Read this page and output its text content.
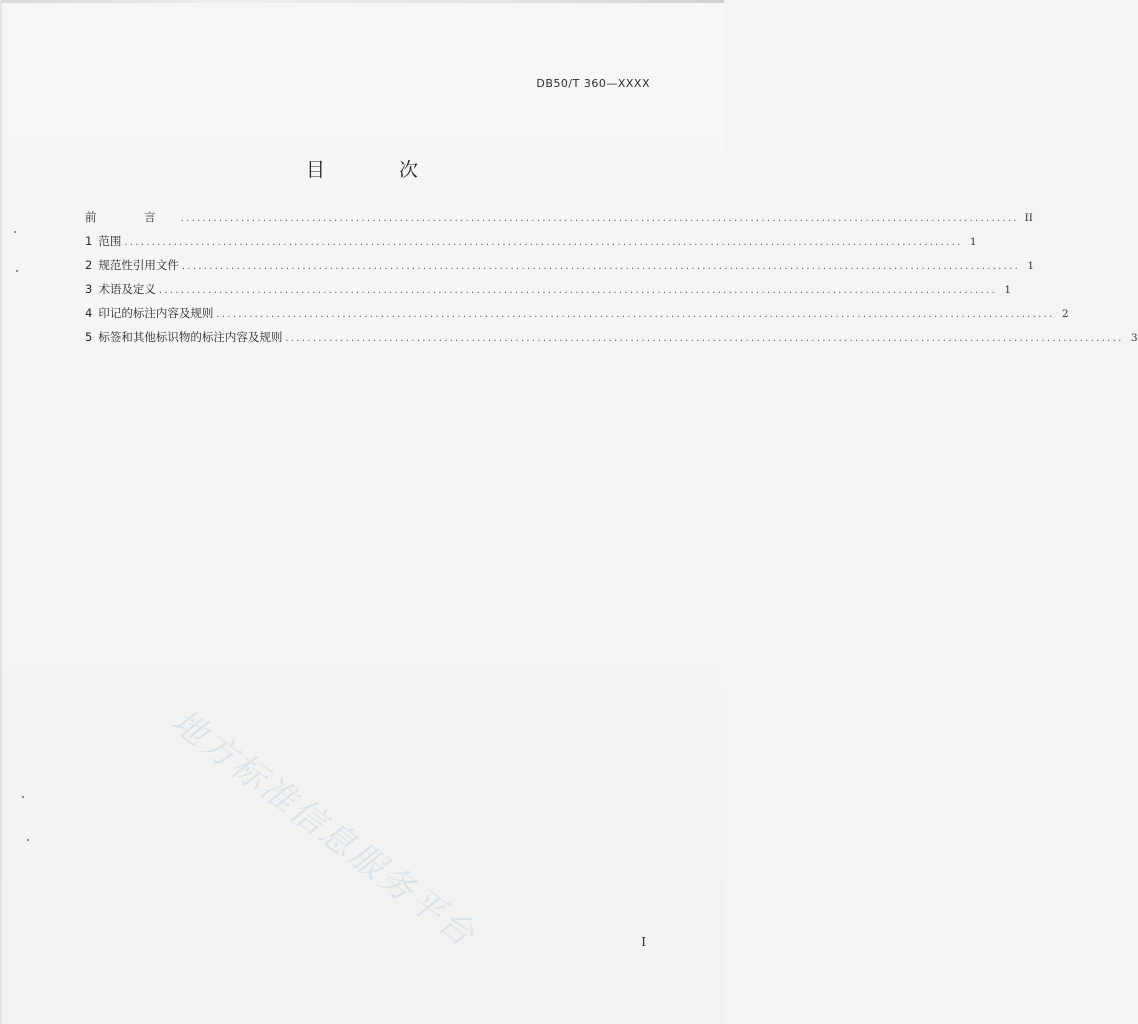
DB50/T 360—XXXX
目 次
前 言 ......................................................................................................................................................... II
1 范围 ......................................................................................................................................................... 1
2 规范性引用文件 ......................................................................................................................................................... 1
3 术语及定义 ......................................................................................................................................................... 1
4 印记的标注内容及规则 ......................................................................................................................................................... 2
5 标签和其他标识物的标注内容及规则 ......................................................................................................................................................... 3
地方标准信息服务平台	I
